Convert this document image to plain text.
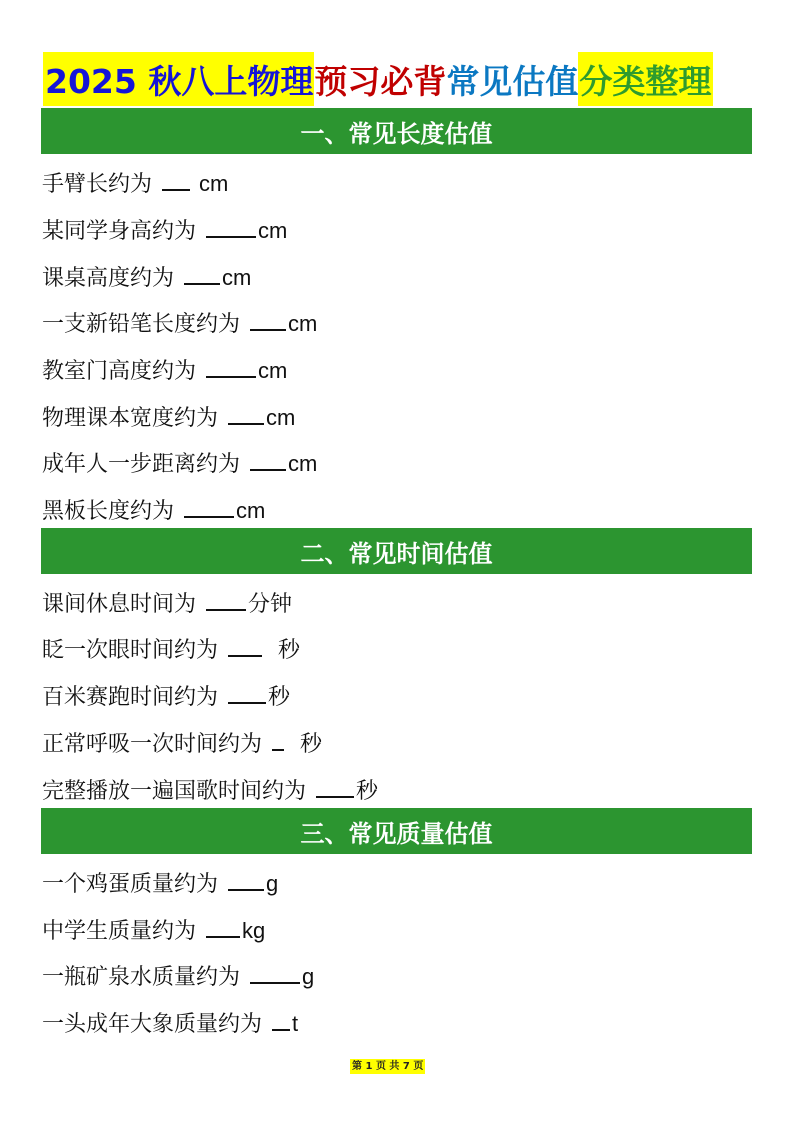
2025 秋八上物理 预习必背 常见估值 分类整理
一、常见长度估值
手臂长约为 cm
某同学身高约为	cm
课桌高度约为 cm
一支新铅笔长度约为 cm
教室门高度约为	cm
物理课本宽度约为 cm
成年人一步距离约为 cm
黑板长度约为	cm
二、常见时间估值
课间休息时间为 分钟
眨一次眼时间约为	秒
百米赛跑时间约为 秒
正常呼吸一次时间约为 秒
完整播放一遍国歌时间约为 秒
三、常见质量估值
一个鸡蛋质量约为 g
中学生质量约为 kg
一瓶矿泉水质量约为	g
一头成年大象质量约为 t
第 1 页 共 7 页
